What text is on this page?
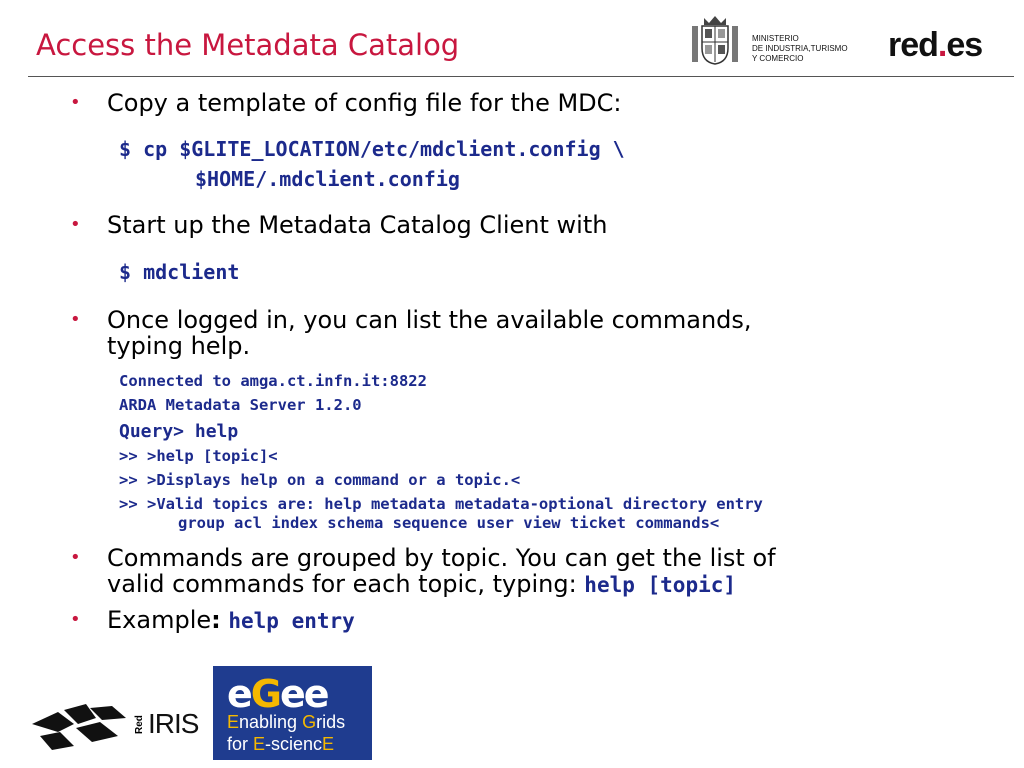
Access the Metadata Catalog	MINISTERIO
DE INDUSTRIA,TURISMO
Y COMERCIO	red.es
•	Copy a template of config file for the MDC:
$ cp $GLITE_LOCATION/etc/mdclient.config \
$HOME/.mdclient.config
•	Start up the Metadata Catalog Client with
$ mdclient
•	Once logged in, you can list the available commands,
typing help.
Connected to amga.ct.infn.it:8822
ARDA Metadata Server 1.2.0
Query> help
>> >help [topic]<
>> >Displays help on a command or a topic.<
>> >Valid topics are: help metadata metadata-optional directory entry
group acl index schema sequence user view ticket commands<
•	Commands are grouped by topic. You can get the list of
valid commands for each topic, typing: help [topic]
•	Example: help entry
Red IRIS
eGee
Enabling Grids
for E-sciencE
